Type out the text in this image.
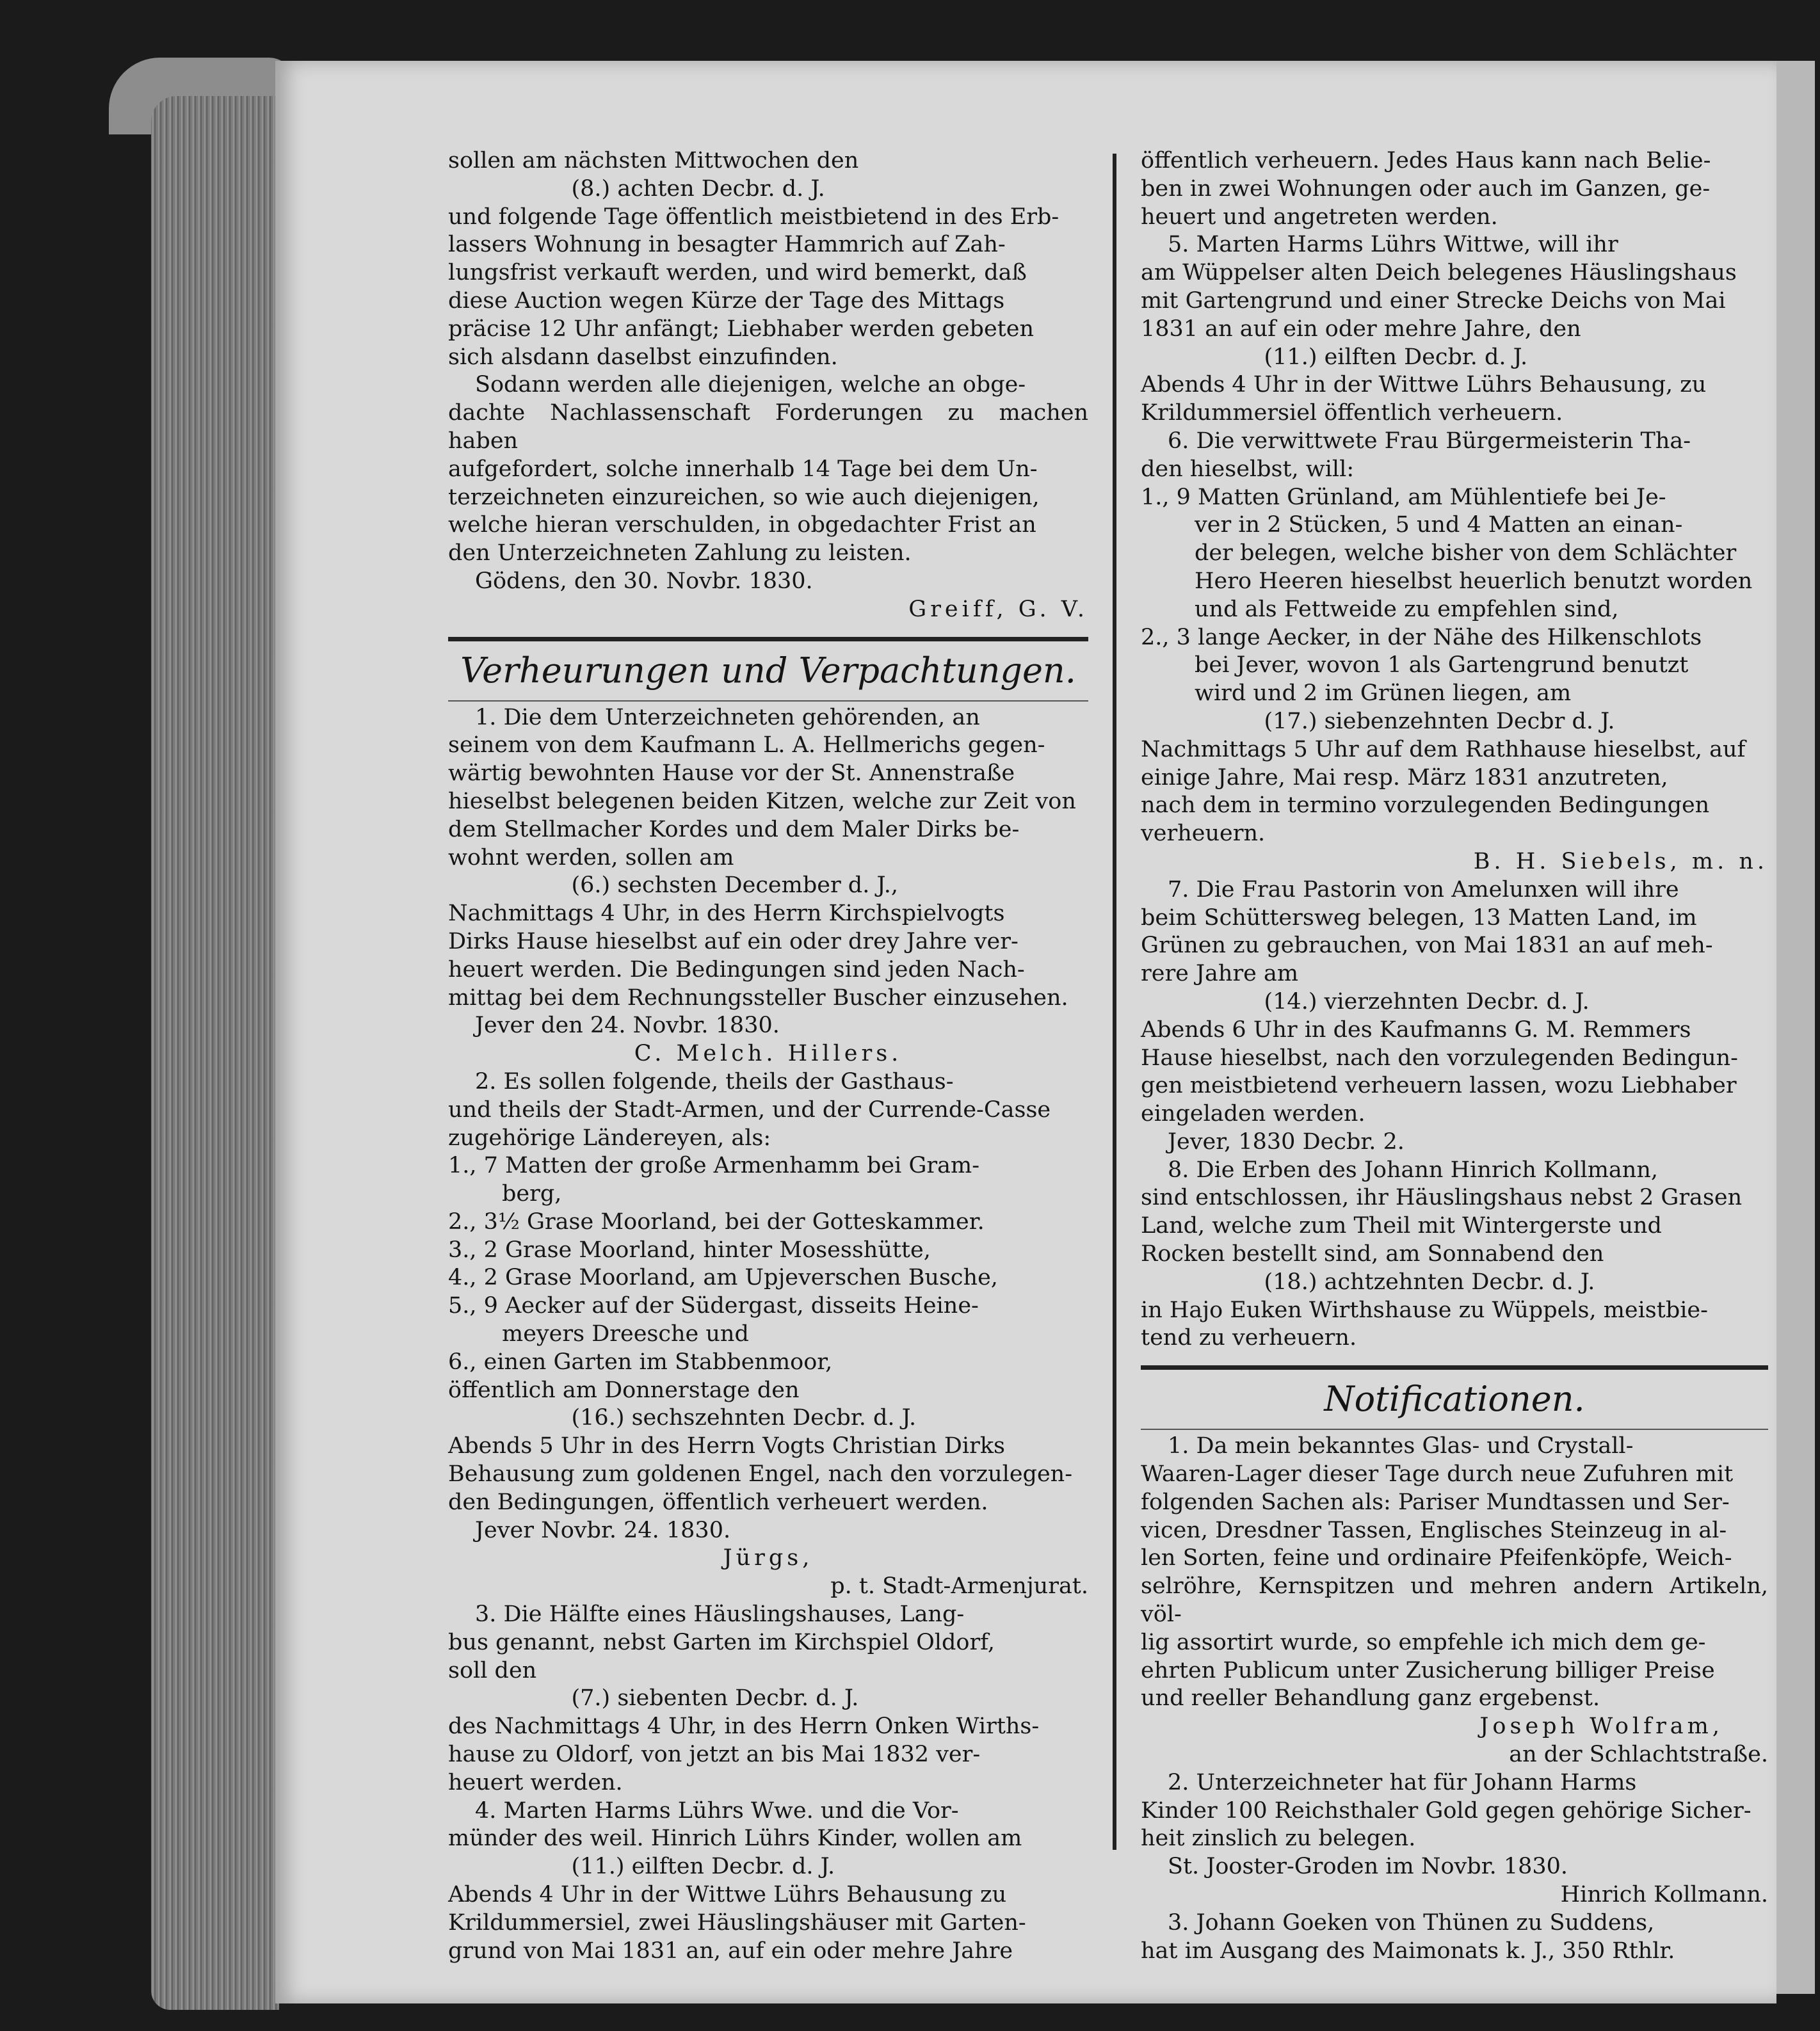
sollen am nächsten Mittwochen den

(8.) achten Decbr. d. J.

und folgende Tage öffentlich meistbietend in des Erb-

lassers Wohnung in besagter Hammrich auf Zah-

lungsfrist verkauft werden, und wird bemerkt, daß

diese Auction wegen Kürze der Tage des Mittags

präcise 12 Uhr anfängt; Liebhaber werden gebeten

sich alsdann daselbst einzufinden.

Sodann werden alle diejenigen, welche an obge-

dachte Nachlassenschaft Forderungen zu machen haben

aufgefordert, solche innerhalb 14 Tage bei dem Un-

terzeichneten einzureichen, so wie auch diejenigen,

welche hieran verschulden, in obgedachter Frist an

den Unterzeichneten Zahlung zu leisten.

Gödens, den 30. Novbr. 1830.

Greiff, G. V.

Verheurungen und Verpachtungen.

1. Die dem Unterzeichneten gehörenden, an

seinem von dem Kaufmann L. A. Hellmerichs gegen-

wärtig bewohnten Hause vor der St. Annenstraße

hieselbst belegenen beiden Kitzen, welche zur Zeit von

dem Stellmacher Kordes und dem Maler Dirks be-

wohnt werden, sollen am

(6.) sechsten December d. J.,

Nachmittags 4 Uhr, in des Herrn Kirchspielvogts

Dirks Hause hieselbst auf ein oder drey Jahre ver-

heuert werden. Die Bedingungen sind jeden Nach-

mittag bei dem Rechnungssteller Buscher einzusehen.

Jever den 24. Novbr. 1830.

C. Melch. Hillers.

2. Es sollen folgende, theils der Gasthaus-

und theils der Stadt-Armen, und der Currende-Casse

zugehörige Ländereyen, als:

1., 7 Matten der große Armenhamm bei Gram-

berg,

2., 3½ Grase Moorland, bei der Gotteskammer.

3., 2 Grase Moorland, hinter Mosesshütte,

4., 2 Grase Moorland, am Upjeverschen Busche,

5., 9 Aecker auf der Südergast, disseits Heine-

meyers Dreesche und

6., einen Garten im Stabbenmoor,

öffentlich am Donnerstage den

(16.) sechszehnten Decbr. d. J.

Abends 5 Uhr in des Herrn Vogts Christian Dirks

Behausung zum goldenen Engel, nach den vorzulegen-

den Bedingungen, öffentlich verheuert werden.

Jever Novbr. 24. 1830.

Jürgs,

p. t. Stadt-Armenjurat.

3. Die Hälfte eines Häuslingshauses, Lang-

bus genannt, nebst Garten im Kirchspiel Oldorf,

soll den

(7.) siebenten Decbr. d. J.

des Nachmittags 4 Uhr, in des Herrn Onken Wirths-

hause zu Oldorf, von jetzt an bis Mai 1832 ver-

heuert werden.

4. Marten Harms Lührs Wwe. und die Vor-

münder des weil. Hinrich Lührs Kinder, wollen am

(11.) eilften Decbr. d. J.

Abends 4 Uhr in der Wittwe Lührs Behausung zu

Krildummersiel, zwei Häuslingshäuser mit Garten-

grund von Mai 1831 an, auf ein oder mehre Jahre

öffentlich verheuern. Jedes Haus kann nach Belie-

ben in zwei Wohnungen oder auch im Ganzen, ge-

heuert und angetreten werden.

5. Marten Harms Lührs Wittwe, will ihr

am Wüppelser alten Deich belegenes Häuslingshaus

mit Gartengrund und einer Strecke Deichs von Mai

1831 an auf ein oder mehre Jahre, den

(11.) eilften Decbr. d. J.

Abends 4 Uhr in der Wittwe Lührs Behausung, zu

Krildummersiel öffentlich verheuern.

6. Die verwittwete Frau Bürgermeisterin Tha-

den hieselbst, will:

1., 9 Matten Grünland, am Mühlentiefe bei Je-

ver in 2 Stücken, 5 und 4 Matten an einan-

der belegen, welche bisher von dem Schlächter

Hero Heeren hieselbst heuerlich benutzt worden

und als Fettweide zu empfehlen sind,

2., 3 lange Aecker, in der Nähe des Hilkenschlots

bei Jever, wovon 1 als Gartengrund benutzt

wird und 2 im Grünen liegen, am

(17.) siebenzehnten Decbr d. J.

Nachmittags 5 Uhr auf dem Rathhause hieselbst, auf

einige Jahre, Mai resp. März 1831 anzutreten,

nach dem in termino vorzulegenden Bedingungen

verheuern.

B. H. Siebels, m. n.

7. Die Frau Pastorin von Amelunxen will ihre

beim Schüttersweg belegen, 13 Matten Land, im

Grünen zu gebrauchen, von Mai 1831 an auf meh-

rere Jahre am

(14.) vierzehnten Decbr. d. J.

Abends 6 Uhr in des Kaufmanns G. M. Remmers

Hause hieselbst, nach den vorzulegenden Bedingun-

gen meistbietend verheuern lassen, wozu Liebhaber

eingeladen werden.

Jever, 1830 Decbr. 2.

8. Die Erben des Johann Hinrich Kollmann,

sind entschlossen, ihr Häuslingshaus nebst 2 Grasen

Land, welche zum Theil mit Wintergerste und

Rocken bestellt sind, am Sonnabend den

(18.) achtzehnten Decbr. d. J.

in Hajo Euken Wirthshause zu Wüppels, meistbie-

tend zu verheuern.

Notificationen.

1. Da mein bekanntes Glas- und Crystall-

Waaren-Lager dieser Tage durch neue Zufuhren mit

folgenden Sachen als: Pariser Mundtassen und Ser-

vicen, Dresdner Tassen, Englisches Steinzeug in al-

len Sorten, feine und ordinaire Pfeifenköpfe, Weich-

selröhre, Kernspitzen und mehren andern Artikeln, völ-

lig assortirt wurde, so empfehle ich mich dem ge-

ehrten Publicum unter Zusicherung billiger Preise

und reeller Behandlung ganz ergebenst.

Joseph Wolfram,

an der Schlachtstraße.

2. Unterzeichneter hat für Johann Harms

Kinder 100 Reichsthaler Gold gegen gehörige Sicher-

heit zinslich zu belegen.

St. Jooster-Groden im Novbr. 1830.

Hinrich Kollmann.

3. Johann Goeken von Thünen zu Suddens,

hat im Ausgang des Maimonats k. J., 350 Rthlr.
